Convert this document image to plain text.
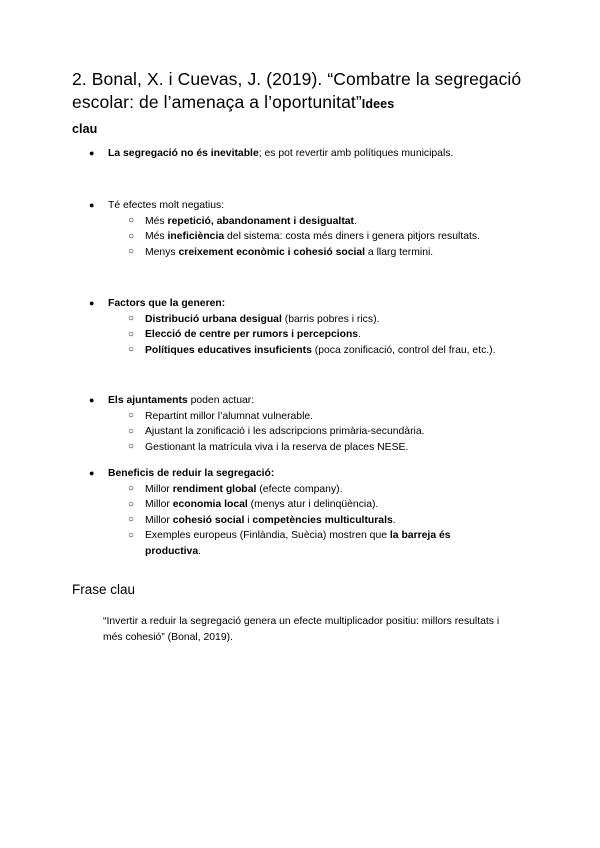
2. Bonal, X. i Cuevas, J. (2019). “Combatre la segregació escolar: de l’amenaça a l’oportunitat”Idees
clau
● La segregació no és inevitable; es pot revertir amb polítiques municipals.
● Té efectes molt negatius:
○ Més repetició, abandonament i desigualtat.
○ Més ineficiència del sistema: costa més diners i genera pitjors resultats.
○ Menys creixement econòmic i cohesió social a llarg termini.
● Factors que la generen:
○ Distribució urbana desigual (barris pobres i rics).
○ Elecció de centre per rumors i percepcions.
○ Polítiques educatives insuficients (poca zonificació, control del frau, etc.).
● Els ajuntaments poden actuar:
○ Repartint millor l’alumnat vulnerable.
○ Ajustant la zonificació i les adscripcions primària-secundària.
○ Gestionant la matrícula viva i la reserva de places NESE.
● Beneficis de reduir la segregació:
○ Millor rendiment global (efecte company).
○ Millor economia local (menys atur i delinqüència).
○ Millor cohesió social i competències multiculturals.
○ Exemples europeus (Finlàndia, Suècia) mostren que la barreja és
productiva.
Frase clau
“Invertir a reduir la segregació genera un efecte multiplicador positiu: millors resultats i més cohesió” (Bonal, 2019).
